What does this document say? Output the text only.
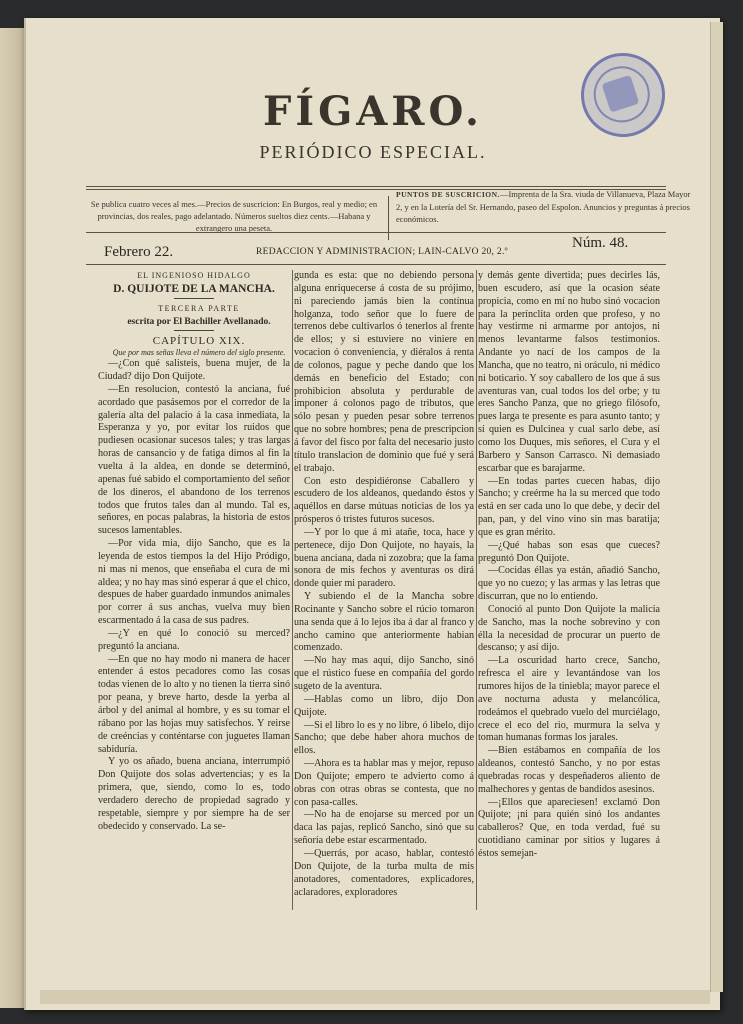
FÍGARO.
PERIÓDICO ESPECIAL.
Se publica cuatro veces al mes.—Precios de suscricion: En Burgos, real y medio; en provincias, dos reales, pago adelantado. Números sueltos diez cents.—Habana y extrangero una peseta.
PUNTOS DE SUSCRICION.—Imprenta de la Sra. viuda de Villanueva, Plaza Mayor 2, y en la Lotería del Sr. Hernando, paseo del Espolon. Anuncios y preguntas á precios económicos.
Febrero 22.	REDACCION Y ADMINISTRACION; LAIN-CALVO 20, 2.º
Núm. 48.

EL INGENIOSO HIDALGO

D. QUIJOTE DE LA MANCHA.

TERCERA PARTE

escrita por El Bachiller Avellanado.

CAPÍTULO XIX.

Que por mas señas lleva el número del siglo presente.

—¿Con qué salisteis, buena mujer, de la Ciudad? dijo Don Quijote.

—En resolucion, contestó la anciana, fué acordado que pasásemos por el corredor de la galería alta del palacio á la casa inmediata, la Esperanza y yo, por evitar los ruidos que pudiesen ocasionar sucesos tales; y tras largas horas de cansancio y de fatiga dimos al fin la vuelta á la aldea, en donde se determinó, apenas fué sabido el comportamiento del señor de los dineros, el abandono de los terrenos todos que frutos tales dan al mundo. Tal es, señores, en pocas palabras, la historia de estos sucesos lamentables.

—Por vida mia, dijo Sancho, que es la leyenda de estos tiempos la del Hijo Pródigo, ni mas ni menos, que enseñaba el cura de mi aldea; y no hay mas sinó esperar á que el chico, despues de haber guardado inmundos animales por correr á sus anchas, vuelva muy bien escarmentado á la casa de sus padres.

—¿Y en qué lo conoció su merced? preguntó la anciana.

—En que no hay modo ni manera de hacer entender á estos pecadores como las cosas todas vienen de lo alto y no tienen la tierra sinó por peana, y breve harto, desde la yerba al árbol y del animal al hombre, y es su tomar el rábano por las hojas muy satisfechos. Y reirse de creéncias y conténtarse con juguetes llaman sabiduría.

Y yo os añado, buena anciana, interrumpió Don Quijote dos solas advertencias; y es la primera, que, siendo, como lo es, todo verdadero derecho de propiedad sagrado y respetable, siempre y por siempre ha de ser obedecido y conservado. La se-

gunda es esta: que no debiendo persona alguna enriquecerse á costa de su prójimo, ni pareciendo jamás bien la contínua holganza, todo señor que lo fuere de terrenos debe cultivarlos ó tenerlos al frente de ellos; y si estuviere no viniere en vocacion ó conveniencia, y diéralos á renta de colonos, pague y peche dando que los demás en beneficio del Estado; con prohibicion absoluta y perdurable de imponer á colonos pago de tributos, que sólo pesan y pueden pesar sobre terrenos que no sobre hombres; pena de prescripcion á favor del fisco por falta del necesario justo título translacion de dominio que fué y será el trabajo.

Con esto despidiéronse Caballero y escudero de los aldeanos, quedando éstos y aquéllos en darse mútuas noticias de los ya prósperos ó tristes futuros sucesos.

—Y por lo que á mi atañe, toca, hace y pertenece, dijo Don Quijote, no hayais, la buena anciana, dada ni zozobra; que la fama sonora de mis fechos y aventuras os dirá donde quier mi paradero.

Y subiendo el de la Mancha sobre Rocinante y Sancho sobre el rúcio tomaron una senda que á lo lejos iba á dar al franco y ancho camino que anteriormente habian comenzado.

—No hay mas aquí, dijo Sancho, sinó que el rústico fuese en compañía del gordo sugeto de la aventura.

—Hablas como un libro, dijo Don Quijote.

—Si el libro lo es y no libre, ó libelo, dijo Sancho; que debe haber ahora muchos de ellos.

—Ahora es ta hablar mas y mejor, repuso Don Quijote; empero te advierto como á obras con otras obras se contesta, que no con pasa-calles.

—No ha de enojarse su merced por un daca las pajas, replicó Sancho, sinó que su señoría debe estar escarmentado.

—Querrás, por acaso, hablar, contestó Don Quijote, de la turba multa de mis anotadores, comentadores, explicadores, aclaradores, exploradores

y demás gente divertida; pues decirles lás, buen escudero, así que la ocasion séate propicia, como en mí no hubo sinó vocacion para la perínclita orden que profeso, y no hay vestirme ni armarme por antojos, ni menos levantarme falsos testimonios. Andante yo nací de los campos de la Mancha, que no teatro, ni oráculo, ni médico ni boticario. Y soy caballero de los que á sus aventuras van, cual todos los del orbe; y tu eres Sancho Panza, que no griego filósofo, pues larga te presente es para asunto tanto; y sí quien es Dulcinea y cual sarlo debe, así como los Duques, mis señores, el Cura y el Barbero y Sanson Carrasco. Ni demasiado escarbar que es barajarme.

—En todas partes cuecen habas, dijo Sancho; y creérme ha la su merced que todo está en ser cada uno lo que debe, y decir del pan, pan, y del vino vino sin mas baratija; que es gran mérito.

—¿Qué habas son esas que cueces? preguntó Don Quijote.

—Cocidas éllas ya están, añadió Sancho, que yo no cuezo; y las armas y las letras que discurran, que no lo entiendo.

Conoció al punto Don Quijote la malicia de Sancho, mas la noche sobrevino y con élla la necesidad de procurar un puerto de descanso; y así dijo.

—La oscuridad harto crece, Sancho, refresca el aire y levantándose van los rumores hijos de la tiniebla; mayor parece el ave nocturna adusta y melancólica, rodeámos el quebrado vuelo del murciélago, crece el eco del rio, murmura la selva y toman humanas formas los jarales.

—Bien estábamos en compañía de los aldeanos, contestó Sancho, y no por estas quebradas rocas y despeñaderos aliento de malhechores y gentas de bandidos asesinos.

—¡Ellos que apareciesen! exclamó Don Quijote; ¡ni para quién sinó los andantes caballeros? Que, en toda verdad, fué su cuotidiano caminar por sitios y lugares á éstos semejan-
